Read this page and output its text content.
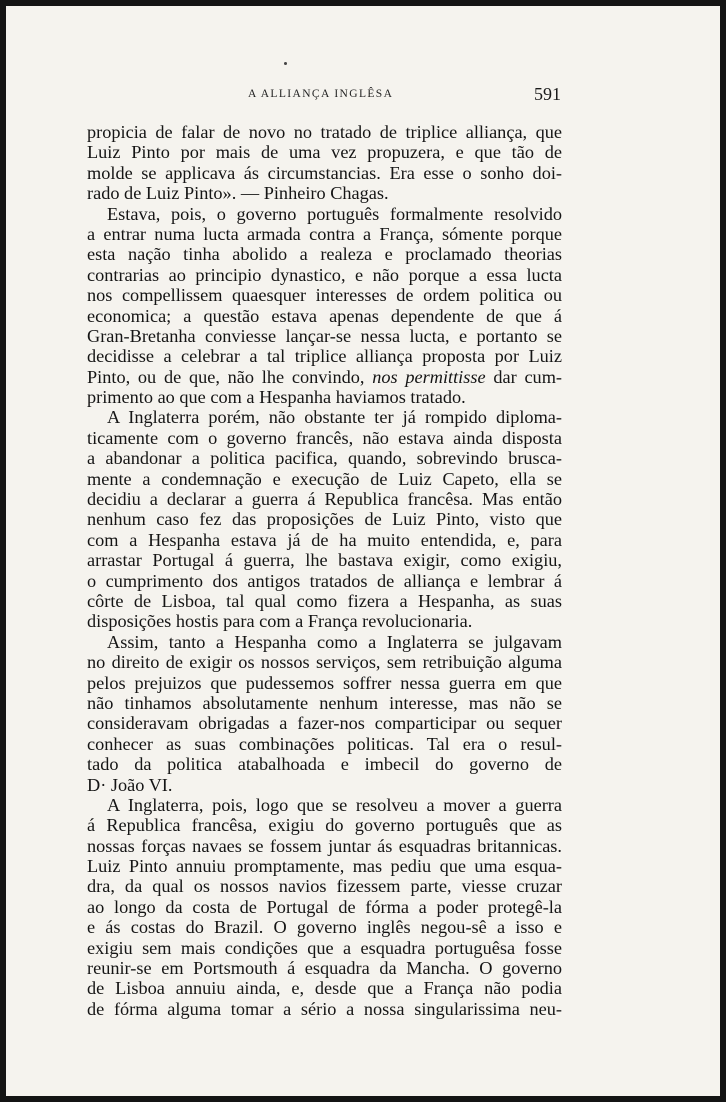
A ALLIANÇA INGLÊSA	591
propicia de falar de novo no tratado de triplice alliança, que
Luiz Pinto por mais de uma vez propuzera, e que tão de
molde se applicava ás circumstancias. Era esse o sonho doi-
rado de Luiz Pinto». — Pinheiro Chagas.
Estava, pois, o governo português formalmente resolvido
a entrar numa lucta armada contra a França, sómente porque
esta nação tinha abolido a realeza e proclamado theorias
contrarias ao principio dynastico, e não porque a essa lucta
nos compellissem quaesquer interesses de ordem politica ou
economica; a questão estava apenas dependente de que á
Gran-Bretanha conviesse lançar-se nessa lucta, e portanto se
decidisse a celebrar a tal triplice alliança proposta por Luiz
Pinto, ou de que, não lhe convindo, nos permittisse dar cum-
primento ao que com a Hespanha haviamos tratado.
A Inglaterra porém, não obstante ter já rompido diploma-
ticamente com o governo francês, não estava ainda disposta
a abandonar a politica pacifica, quando, sobrevindo brusca-
mente a condemnação e execução de Luiz Capeto, ella se
decidiu a declarar a guerra á Republica francêsa. Mas então
nenhum caso fez das proposições de Luiz Pinto, visto que
com a Hespanha estava já de ha muito entendida, e, para
arrastar Portugal á guerra, lhe bastava exigir, como exigiu,
o cumprimento dos antigos tratados de alliança e lembrar á
côrte de Lisboa, tal qual como fizera a Hespanha, as suas
disposições hostis para com a França revolucionaria.
Assim, tanto a Hespanha como a Inglaterra se julgavam
no direito de exigir os nossos serviços, sem retribuição alguma
pelos prejuizos que pudessemos soffrer nessa guerra em que
não tinhamos absolutamente nenhum interesse, mas não se
consideravam obrigadas a fazer-nos comparticipar ou sequer
conhecer as suas combinações politicas. Tal era o resul-
tado da politica atabalhoada e imbecil do governo de
D· João VI.
A Inglaterra, pois, logo que se resolveu a mover a guerra
á Republica francêsa, exigiu do governo português que as
nossas forças navaes se fossem juntar ás esquadras britannicas.
Luiz Pinto annuiu promptamente, mas pediu que uma esqua-
dra, da qual os nossos navios fizessem parte, viesse cruzar
ao longo da costa de Portugal de fórma a poder protegê-la
e ás costas do Brazil. O governo inglês negou-sê a isso e
exigiu sem mais condições que a esquadra portuguêsa fosse
reunir-se em Portsmouth á esquadra da Mancha. O governo
de Lisboa annuiu ainda, e, desde que a França não podia
de fórma alguma tomar a sério a nossa singularissima neu-
